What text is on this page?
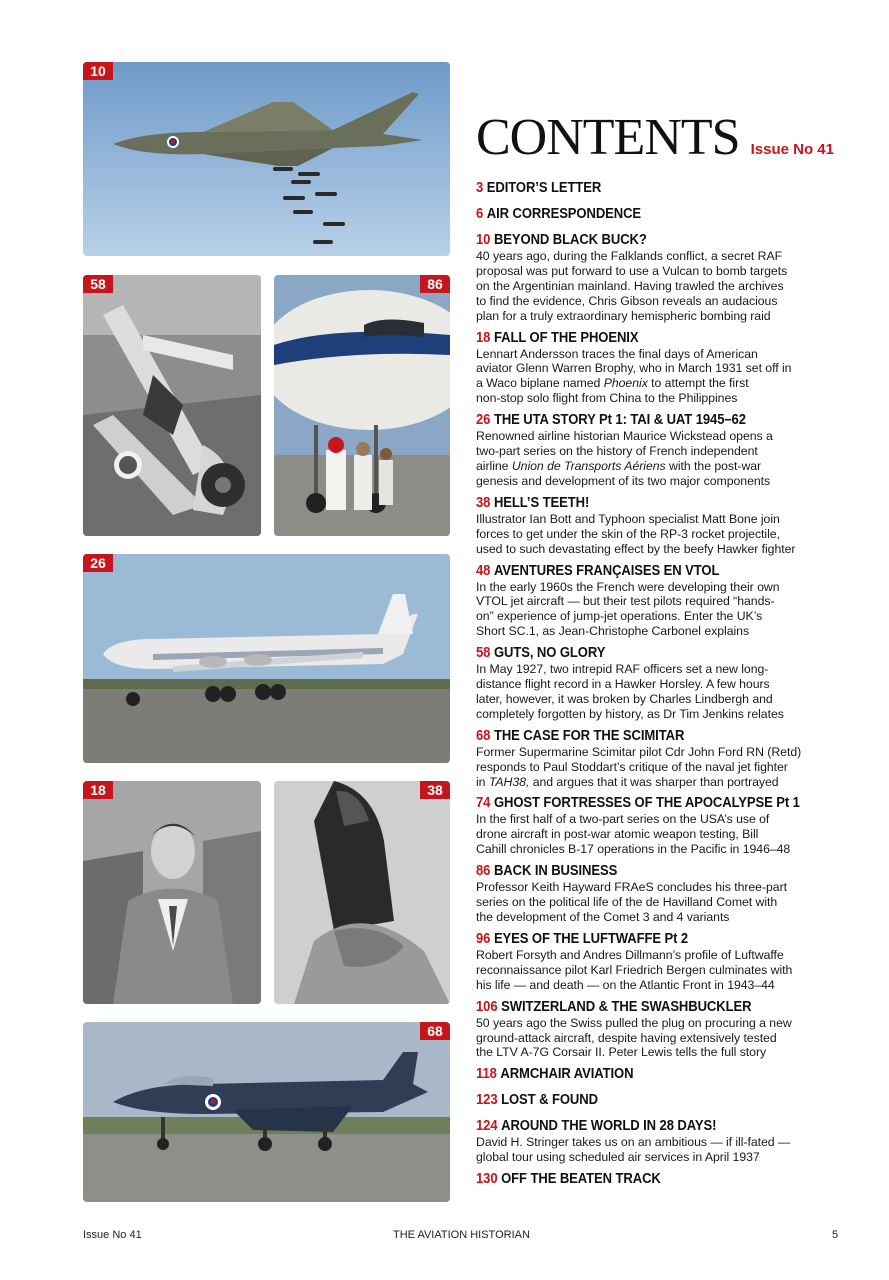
10
58	86
26
18	38
68
CONTENTS Issue No 41
3 EDITOR’S LETTER
6 AIR CORRESPONDENCE
10 BEYOND BLACK BUCK?
40 years ago, during the Falklands conflict, a secret RAF
proposal was put forward to use a Vulcan to bomb targets
on the Argentinian mainland. Having trawled the archives
to find the evidence, Chris Gibson reveals an audacious
plan for a truly extraordinary hemispheric bombing raid
18 FALL OF THE PHOENIX
Lennart Andersson traces the final days of American
aviator Glenn Warren Brophy, who in March 1931 set off in
a Waco biplane named Phoenix to attempt the first
non-stop solo flight from China to the Philippines
26 THE UTA STORY Pt 1: TAI & UAT 1945–62
Renowned airline historian Maurice Wickstead opens a
two-part series on the history of French independent
airline Union de Transports Aériens with the post-war
genesis and development of its two major components
38 HELL’S TEETH!
Illustrator Ian Bott and Typhoon specialist Matt Bone join
forces to get under the skin of the RP-3 rocket projectile,
used to such devastating effect by the beefy Hawker fighter
48 AVENTURES FRANÇAISES EN VTOL
In the early 1960s the French were developing their own
VTOL jet aircraft — but their test pilots required “hands-
on” experience of jump-jet operations. Enter the UK’s
Short SC.1, as Jean-Christophe Carbonel explains
58 GUTS, NO GLORY
In May 1927, two intrepid RAF officers set a new long-
distance flight record in a Hawker Horsley. A few hours
later, however, it was broken by Charles Lindbergh and
completely forgotten by history, as Dr Tim Jenkins relates
68 THE CASE FOR THE SCIMITAR
Former Supermarine Scimitar pilot Cdr John Ford RN (Retd)
responds to Paul Stoddart’s critique of the naval jet fighter
in TAH38, and argues that it was sharper than portrayed
74 GHOST FORTRESSES OF THE APOCALYPSE Pt 1
In the first half of a two-part series on the USA’s use of
drone aircraft in post-war atomic weapon testing, Bill
Cahill chronicles B-17 operations in the Pacific in 1946–48
86 BACK IN BUSINESS
Professor Keith Hayward FRAeS concludes his three-part
series on the political life of the de Havilland Comet with
the development of the Comet 3 and 4 variants
96 EYES OF THE LUFTWAFFE Pt 2
Robert Forsyth and Andres Dillmann’s profile of Luftwaffe
reconnaissance pilot Karl Friedrich Bergen culminates with
his life — and death — on the Atlantic Front in 1943–44
106 SWITZERLAND & THE SWASHBUCKLER
50 years ago the Swiss pulled the plug on procuring a new
ground-attack aircraft, despite having extensively tested
the LTV A-7G Corsair II. Peter Lewis tells the full story
118 ARMCHAIR AVIATION
123 LOST & FOUND
124 AROUND THE WORLD IN 28 DAYS!
David H. Stringer takes us on an ambitious — if ill-fated —
global tour using scheduled air services in April 1937
130 OFF THE BEATEN TRACK
Issue No 41	THE AVIATION HISTORIAN	5
